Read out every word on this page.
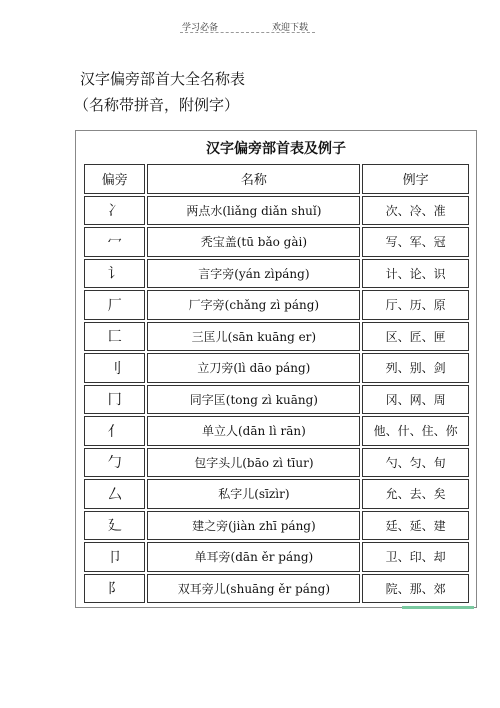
学习必备	欢迎下载
汉字偏旁部首大全名称表
（名称带拼音，附例字）
汉字偏旁部首表及例子
偏旁	名称	例字
冫	两点水(liǎng diǎn shuǐ)	次、冷、准
冖	秃宝盖(tū bǎo gài)	写、军、冠
讠	言字旁(yán zìpáng)	计、论、识
厂	厂字旁(chǎng zì páng)	厅、历、原
匚	三匡儿(sān kuāng er)	区、匠、匣
刂	立刀旁(lì dāo páng)	列、别、剑
冂	同字匡(tong zì kuāng)	冈、网、周
亻	单立人(dān lì rān)	他、什、住、你
勹	包字头儿(bāo zì tīur)	勺、匀、旬
厶	私字儿(sīzìr)	允、去、矣
廴	建之旁(jiàn zhī páng)	廷、延、建
卩	单耳旁(dān ěr páng)	卫、印、却
阝	双耳旁儿(shuāng ěr páng)	院、那、郊
